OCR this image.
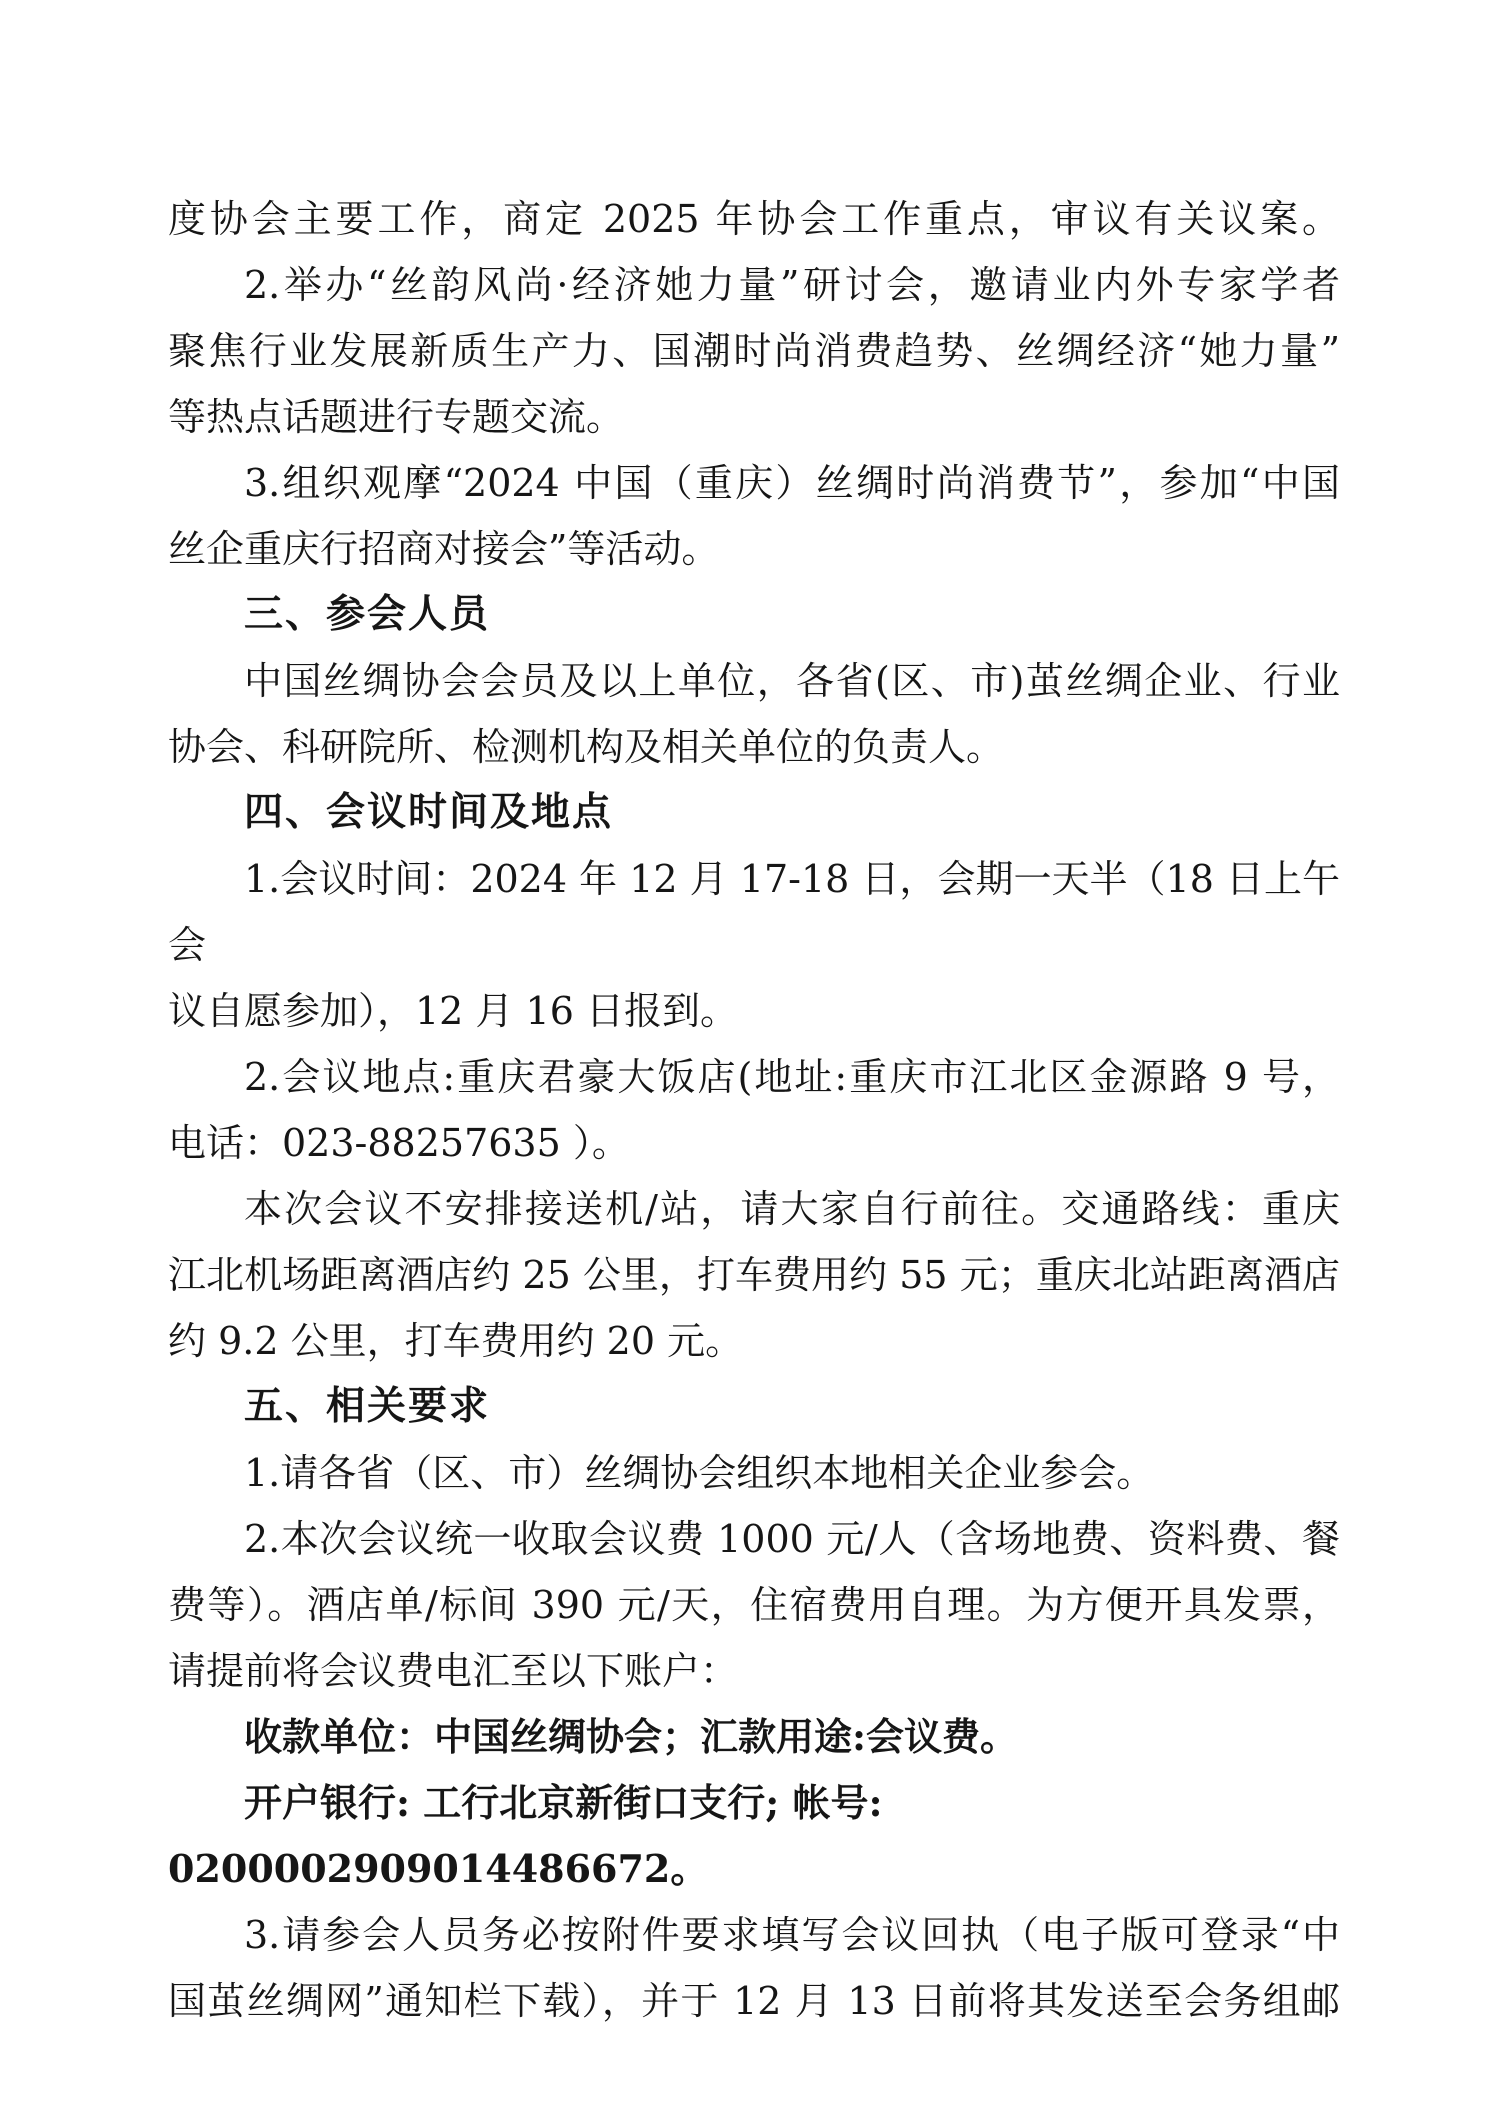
度协会主要工作，商定 2025 年协会工作重点，审议有关议案。
2.举办“丝韵风尚·经济她力量”研讨会，邀请业内外专家学者
聚焦行业发展新质生产力、国潮时尚消费趋势、丝绸经济“她力量”
等热点话题进行专题交流。
3.组织观摩“2024 中国（重庆）丝绸时尚消费节”，参加“中国
丝企重庆行招商对接会”等活动。
三、参会人员
中国丝绸协会会员及以上单位，各省(区、市)茧丝绸企业、行业
协会、科研院所、检测机构及相关单位的负责人。
四、会议时间及地点
1.会议时间：2024 年 12 月 17-18 日，会期一天半（18 日上午会
议自愿参加），12 月 16 日报到。
2.会议地点:重庆君豪大饭店(地址:重庆市江北区金源路 9 号，
电话：023-88257635 ）。
本次会议不安排接送机/站，请大家自行前往。交通路线：重庆
江北机场距离酒店约 25 公里，打车费用约 55 元；重庆北站距离酒店
约 9.2 公里，打车费用约 20 元。
五、相关要求
1.请各省（区、市）丝绸协会组织本地相关企业参会。
2.本次会议统一收取会议费 1000 元/人（含场地费、资料费、餐
费等）。酒店单/标间 390 元/天，住宿费用自理。为方便开具发票，
请提前将会议费电汇至以下账户：
收款单位：中国丝绸协会；汇款用途:会议费。
开户银行: 工行北京新街口支行; 帐号: 0200002909014486672。
3.请参会人员务必按附件要求填写会议回执（电子版可登录“中
国茧丝绸网”通知栏下载），并于 12 月 13 日前将其发送至会务组邮
